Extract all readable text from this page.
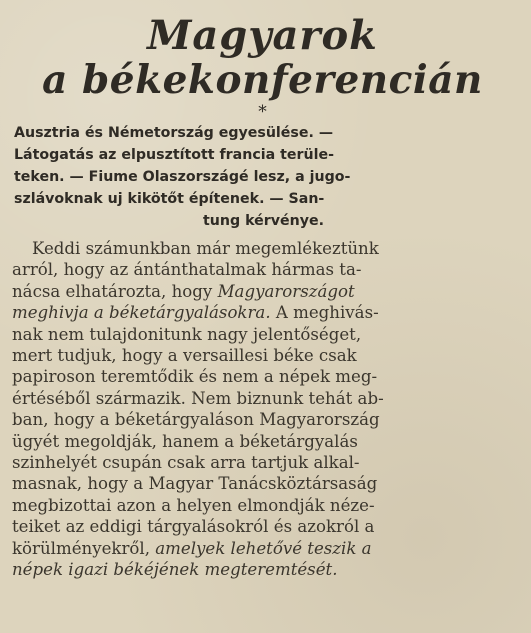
Magyarok
a békekonferencián
*
Ausztria és Németország egyesülése. —
Látogatás az elpusztított francia terüle-
teken. — Fiume Olaszországé lesz, a jugo-
szlávoknak uj kikötőt építenek. — San-
tung kérvénye.
Keddi számunkban már megemlékeztünk
arról, hogy az ántánthatalmak hármas ta-
nácsa elhatározta, hogy Magyarországot
meghivja a béketárgyalásokra. A meghivás-
nak nem tulajdonitunk nagy jelentőséget,
mert tudjuk, hogy a versaillesi béke csak
papiroson teremtődik és nem a népek meg-
értéséből származik. Nem biznunk tehát ab-
ban, hogy a béketárgyaláson Magyarország
ügyét megoldják, hanem a béketárgyalás
szinhelyét csupán csak arra tartjuk alkal-
masnak, hogy a Magyar Tanácsköztársaság
megbizottai azon a helyen elmondják néze-
teiket az eddigi tárgyalásokról és azokról a
körülményekről, amelyek lehetővé teszik a
népek igazi békéjének megteremtését.
